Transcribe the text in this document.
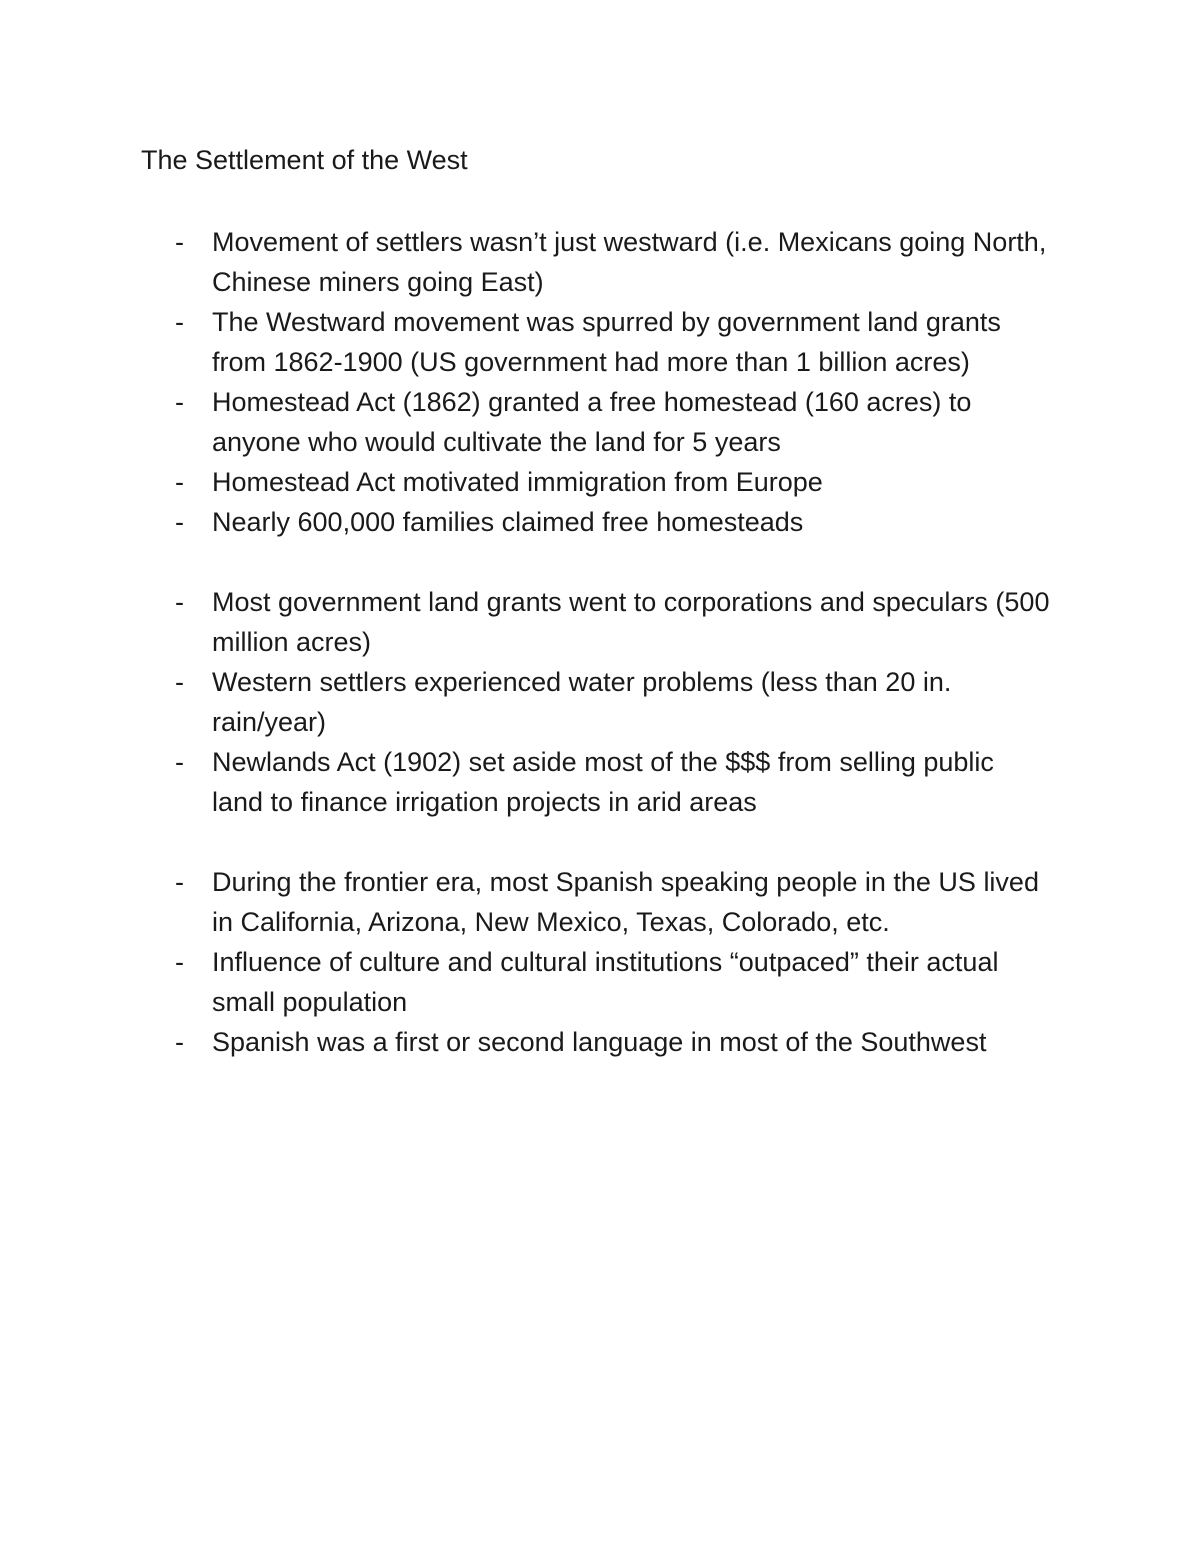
The Settlement of the West
- Movement of settlers wasn’t just westward (i.e. Mexicans going North, Chinese miners going East)
- The Westward movement was spurred by government land grants from 1862-1900 (US government had more than 1 billion acres)
- Homestead Act (1862) granted a free homestead (160 acres) to anyone who would cultivate the land for 5 years
- Homestead Act motivated immigration from Europe
- Nearly 600,000 families claimed free homesteads
- Most government land grants went to corporations and speculars (500 million acres)
- Western settlers experienced water problems (less than 20 in. rain/year)
- Newlands Act (1902) set aside most of the $$$ from selling public land to finance irrigation projects in arid areas
- During the frontier era, most Spanish speaking people in the US lived in California, Arizona, New Mexico, Texas, Colorado, etc.
- Influence of culture and cultural institutions “outpaced” their actual small population
- Spanish was a first or second language in most of the Southwest
